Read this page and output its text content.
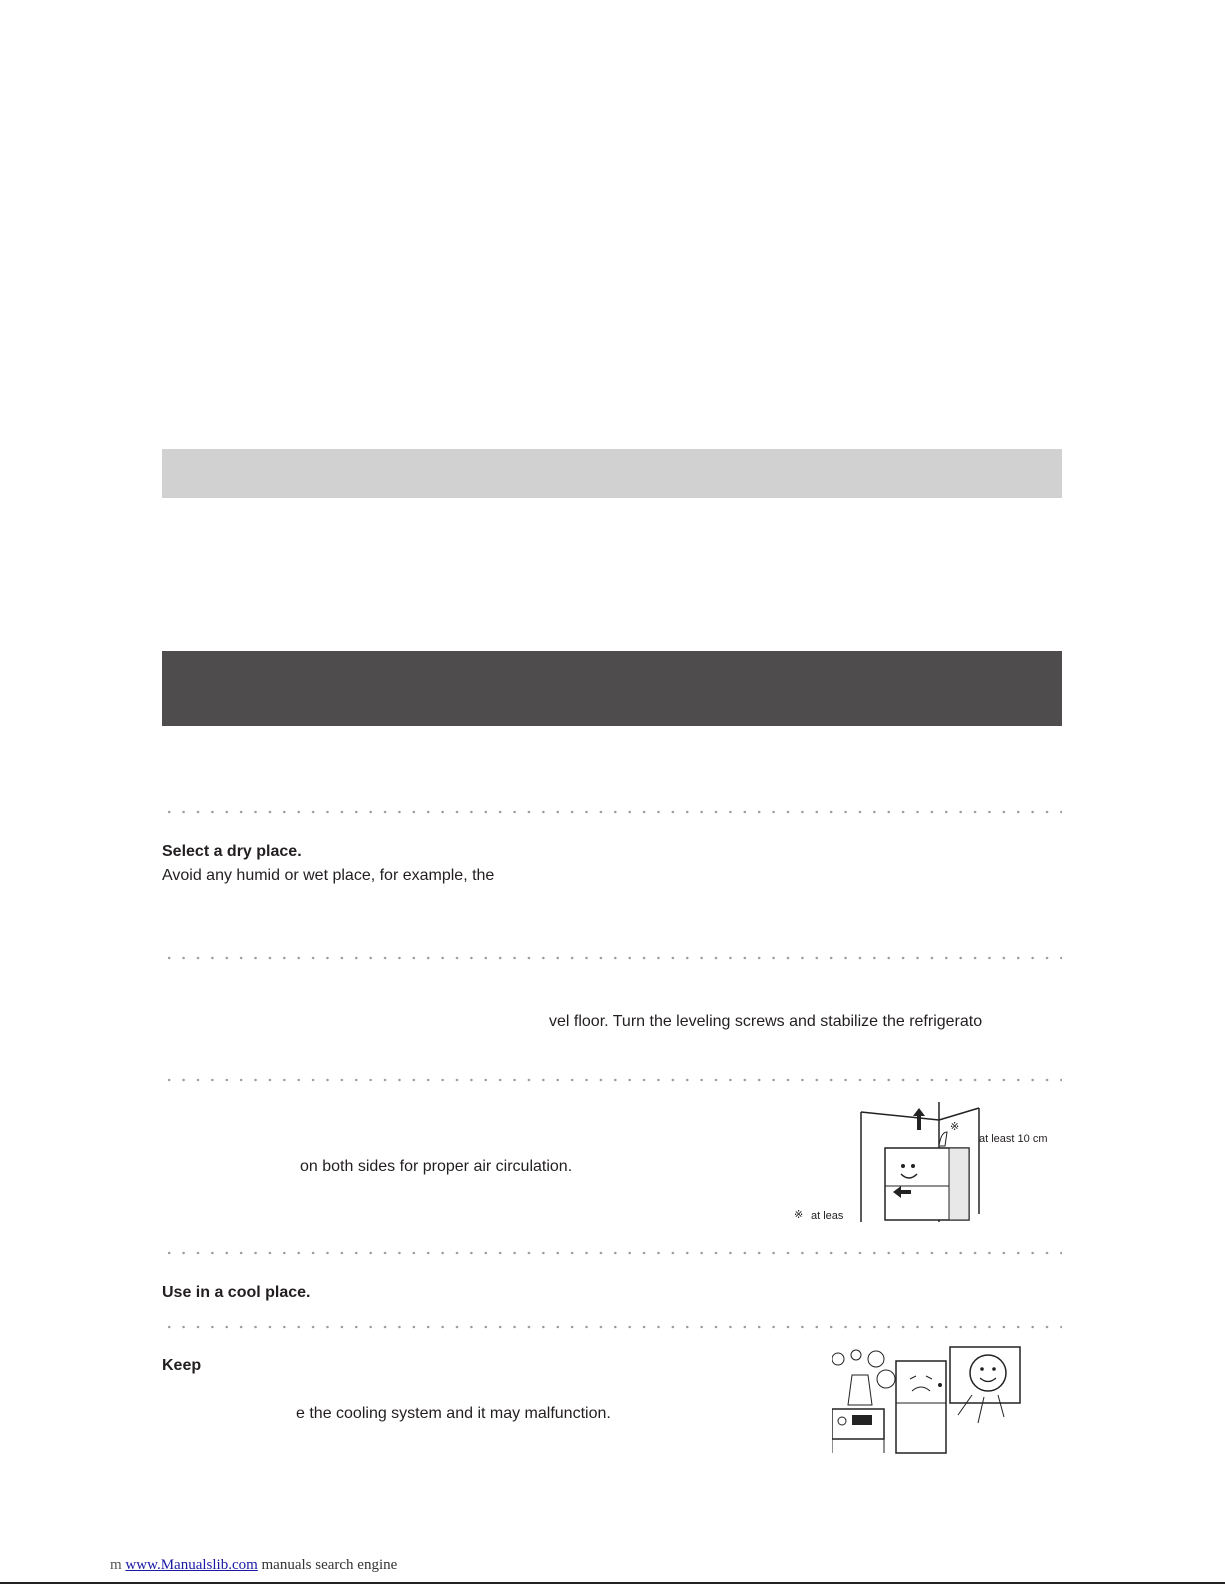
Select a dry place.
Avoid any humid or wet place, for example, the
vel floor. Turn the leveling screws and stabilize the refrigerato
on both sides for proper air circulation.
※
at least 10 cm
※ at leas
Use in a cool place.
Keep
e the cooling system and it may malfunction.
m www.Manualslib.com manuals search engine
